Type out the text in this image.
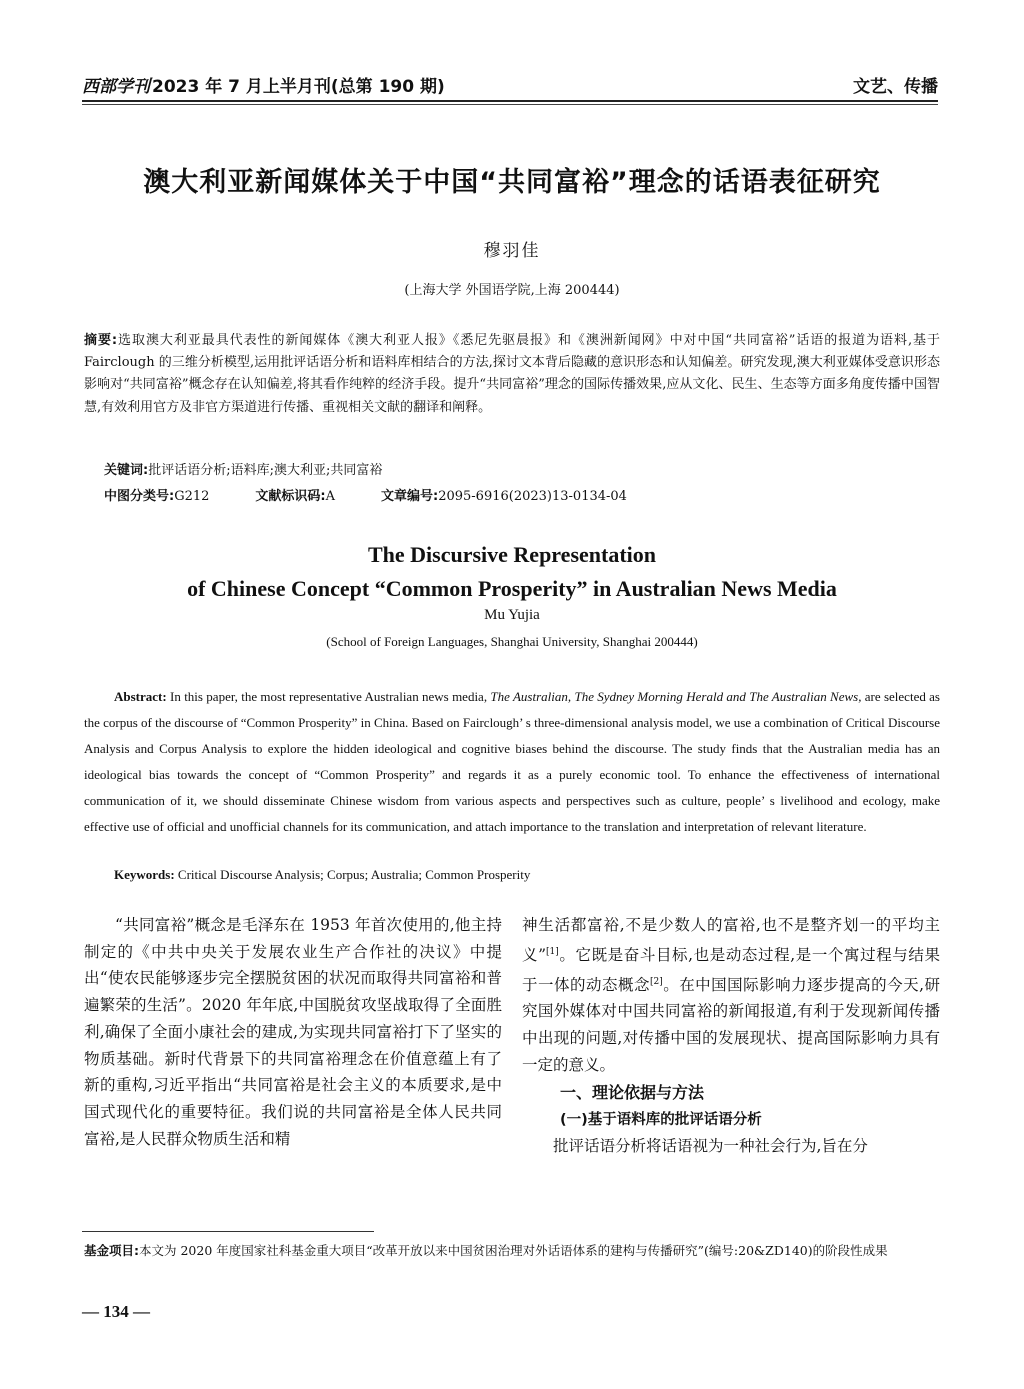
西部学刊 2023 年 7 月上半月刊(总第 190 期)	文艺、传播
澳大利亚新闻媒体关于中国“共同富裕”理念的话语表征研究
穆羽佳
(上海大学 外国语学院,上海 200444)
摘要:选取澳大利亚最具代表性的新闻媒体《澳大利亚人报》《悉尼先驱晨报》和《澳洲新闻网》中对中国“共同富裕”话语的报道为语料,基于 Fairclough 的三维分析模型,运用批评话语分析和语料库相结合的方法,探讨文本背后隐藏的意识形态和认知偏差。研究发现,澳大利亚媒体受意识形态影响对“共同富裕”概念存在认知偏差,将其看作纯粹的经济手段。提升“共同富裕”理念的国际传播效果,应从文化、民生、生态等方面多角度传播中国智慧,有效利用官方及非官方渠道进行传播、重视相关文献的翻译和阐释。
关键词:批评话语分析;语料库;澳大利亚;共同富裕
中图分类号:G212	文献标识码:A	文章编号:2095-6916(2023)13-0134-04
The Discursive Representation
of Chinese Concept “Common Prosperity” in Australian News Media
Mu Yujia
(School of Foreign Languages, Shanghai University, Shanghai 200444)
Abstract: In this paper, the most representative Australian news media, The Australian, The Sydney Morning Herald and The Australian News, are selected as the corpus of the discourse of “Common Prosperity” in China. Based on Fairclough’ s three-dimensional analysis model, we use a combination of Critical Discourse Analysis and Corpus Analysis to explore the hidden ideological and cognitive biases behind the discourse. The study finds that the Australian media has an ideological bias towards the concept of “Common Prosperity” and regards it as a purely economic tool. To enhance the effectiveness of international communication of it, we should disseminate Chinese wisdom from various aspects and perspectives such as culture, people’ s livelihood and ecology, make effective use of official and unofficial channels for its communication, and attach importance to the translation and interpretation of relevant literature.
Keywords: Critical Discourse Analysis; Corpus; Australia; Common Prosperity

“共同富裕”概念是毛泽东在 1953 年首次使用的,他主持制定的《中共中央关于发展农业生产合作社的决议》中提出“使农民能够逐步完全摆脱贫困的状况而取得共同富裕和普遍繁荣的生活”。2020 年年底,中国脱贫攻坚战取得了全面胜利,确保了全面小康社会的建成,为实现共同富裕打下了坚实的物质基础。新时代背景下的共同富裕理念在价值意蕴上有了新的重构,习近平指出“共同富裕是社会主义的本质要求,是中国式现代化的重要特征。我们说的共同富裕是全体人民共同富裕,是人民群众物质生活和精

神生活都富裕,不是少数人的富裕,也不是整齐划一的平均主义”[1]。它既是奋斗目标,也是动态过程,是一个寓过程与结果于一体的动态概念[2]。在中国国际影响力逐步提高的今天,研究国外媒体对中国共同富裕的新闻报道,有利于发现新闻传播中出现的问题,对传播中国的发展现状、提高国际影响力具有一定的意义。

一、理论依据与方法
(一)基于语料库的批评话语分析

批评话语分析将话语视为一种社会行为,旨在分

基金项目:本文为 2020 年度国家社科基金重大项目“改革开放以来中国贫困治理对外话语体系的建构与传播研究”(编号:20&ZD140)的阶段性成果
— 134 —
